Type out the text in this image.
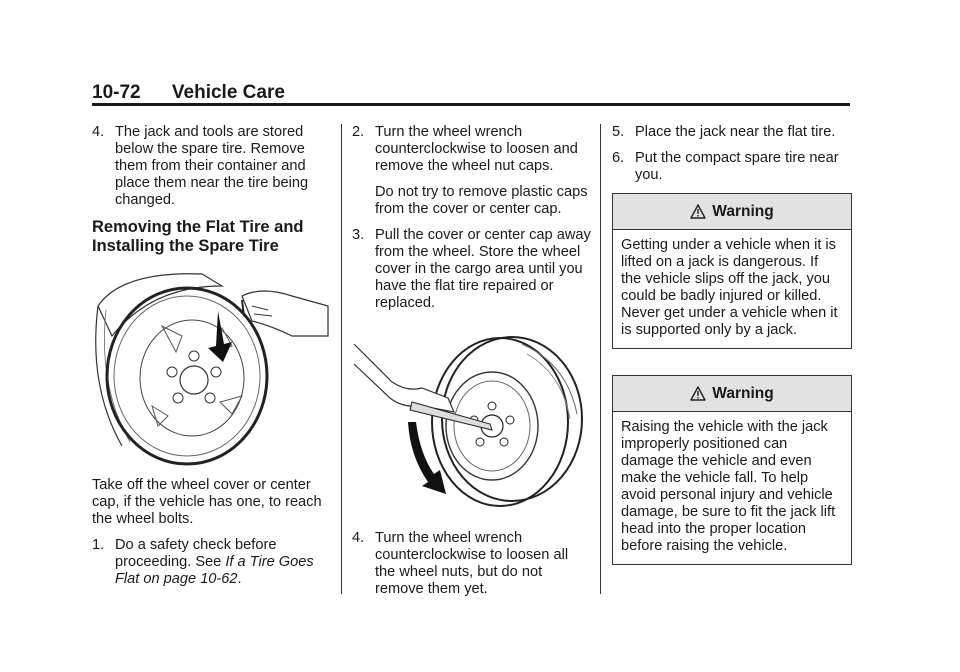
10-72 Vehicle Care
4. The jack and tools are stored below the spare tire. Remove them from their container and place them near the tire being changed.
Removing the Flat Tire and Installing the Spare Tire

Take off the wheel cover or center cap, if the vehicle has one, to reach the wheel bolts.

1. Do a safety check before proceeding. See If a Tire Goes Flat on page 10-62.
2. Turn the wheel wrench counterclockwise to loosen and remove the wheel nut caps.
Do not try to remove plastic caps from the cover or center cap.
3. Pull the cover or center cap away from the wheel. Store the wheel cover in the cargo area until you have the flat tire repaired or replaced.
4. Turn the wheel wrench counterclockwise to loosen all the wheel nuts, but do not remove them yet.
5. Place the jack near the flat tire.
6. Put the compact spare tire near you.
Warning
Getting under a vehicle when it is lifted on a jack is dangerous. If the vehicle slips off the jack, you could be badly injured or killed. Never get under a vehicle when it is supported only by a jack.
Warning
Raising the vehicle with the jack improperly positioned can damage the vehicle and even make the vehicle fall. To help avoid personal injury and vehicle damage, be sure to fit the jack lift head into the proper location before raising the vehicle.
